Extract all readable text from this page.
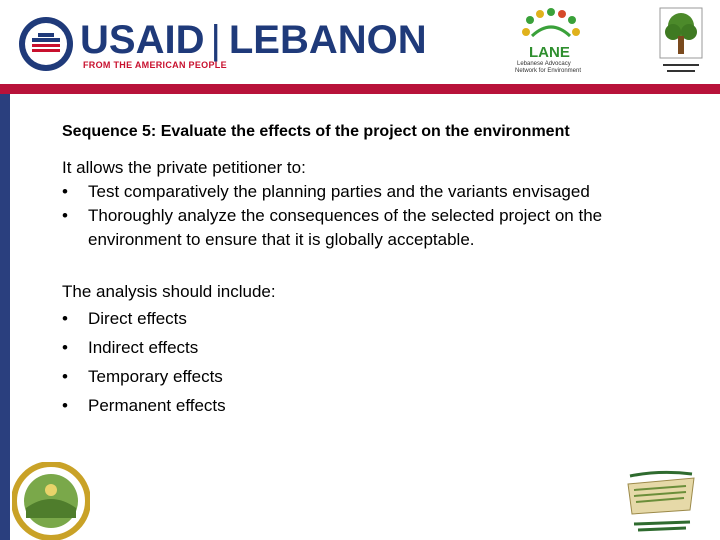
USAID | LEBANON
FROM THE AMERICAN PEOPLE
LANE
Lebanese Advocacy
Network for Environment
Sequence 5: Evaluate the effects of the project on the environment

It allows the private petitioner to:

•	Test comparatively the planning parties and the variants envisaged
•	Thoroughly analyze the consequences of the selected project on the environment to ensure that it is globally acceptable.

The analysis should include:

•	Direct effects
•	Indirect effects
•	Temporary effects
•	Permanent effects
